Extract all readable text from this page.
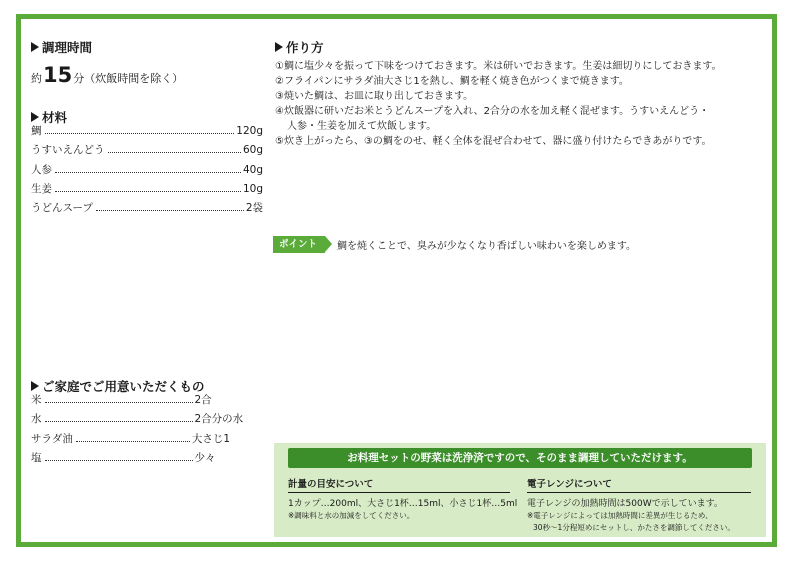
調理時間
約15分（炊飯時間を除く）
材料
鯛	120g
うすいえんどう	60g
人参	40g
生姜	10g
うどんスープ	2袋
ご家庭でご用意いただくもの
米	2合
水	2合分の水
サラダ油	大さじ1
塩	少々
作り方
①鯛に塩少々を振って下味をつけておきます。米は研いでおきます。生姜は細切りにしておきます。
②フライパンにサラダ油大さじ1を熱し、鯛を軽く焼き色がつくまで焼きます。
③焼いた鯛は、お皿に取り出しておきます。
④炊飯器に研いだお米とうどんスープを入れ、2合分の水を加え軽く混ぜます。うすいえんどう・
人参・生姜を加えて炊飯します。
⑤炊き上がったら、③の鯛をのせ、軽く全体を混ぜ合わせて、器に盛り付けたらできあがりです。
ポイント	鯛を焼くことで、臭みが少なくなり香ばしい味わいを楽しめます。
お料理セットの野菜は洗浄済ですので、そのまま調理していただけます。
計量の目安について
1カップ…200ml、大さじ1杯…15ml、小さじ1杯…5ml
※調味料と水の加減をしてください。
電子レンジについて
電子レンジの加熱時間は500Wで示しています。
※電子レンジによっては加熱時間に差異が生じるため、
30秒～1分程短めにセットし、かたさを調節してください。
